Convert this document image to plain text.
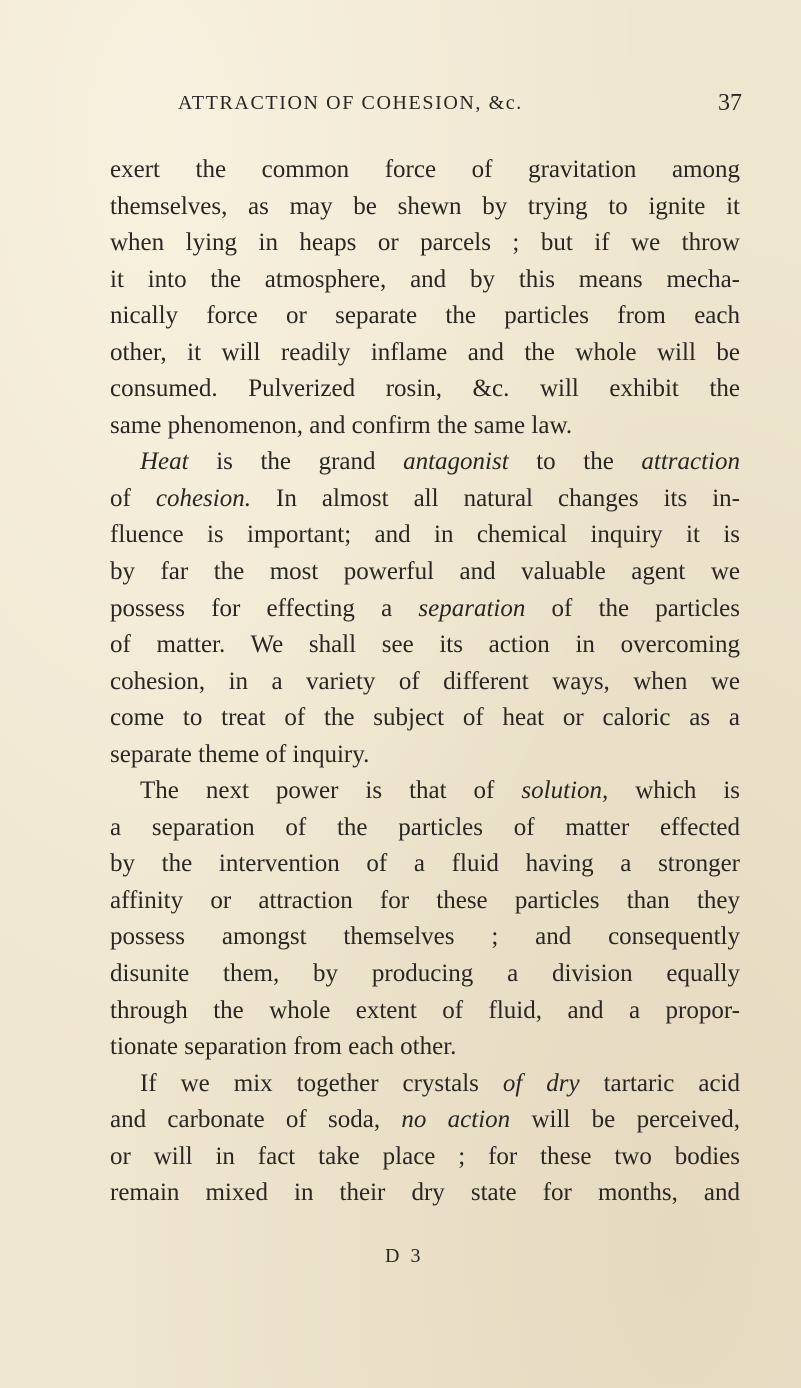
ATTRACTION OF COHESION, &c.	37
exert the common force of gravitation among
themselves, as may be shewn by trying to ignite it
when lying in heaps or parcels ; but if we throw
it into the atmosphere, and by this means mecha-
nically force or separate the particles from each
other, it will readily inflame and the whole will be
consumed. Pulverized rosin, &c. will exhibit the
same phenomenon, and confirm the same law.
Heat is the grand antagonist to the attraction
of cohesion. In almost all natural changes its in-
fluence is important; and in chemical inquiry it is
by far the most powerful and valuable agent we
possess for effecting a separation of the particles
of matter. We shall see its action in overcoming
cohesion, in a variety of different ways, when we
come to treat of the subject of heat or caloric as a
separate theme of inquiry.
The next power is that of solution, which is
a separation of the particles of matter effected
by the intervention of a fluid having a stronger
affinity or attraction for these particles than they
possess amongst themselves ; and consequently
disunite them, by producing a division equally
through the whole extent of fluid, and a propor-
tionate separation from each other.
If we mix together crystals of dry tartaric acid
and carbonate of soda, no action will be perceived,
or will in fact take place ; for these two bodies
remain mixed in their dry state for months, and
D 3
